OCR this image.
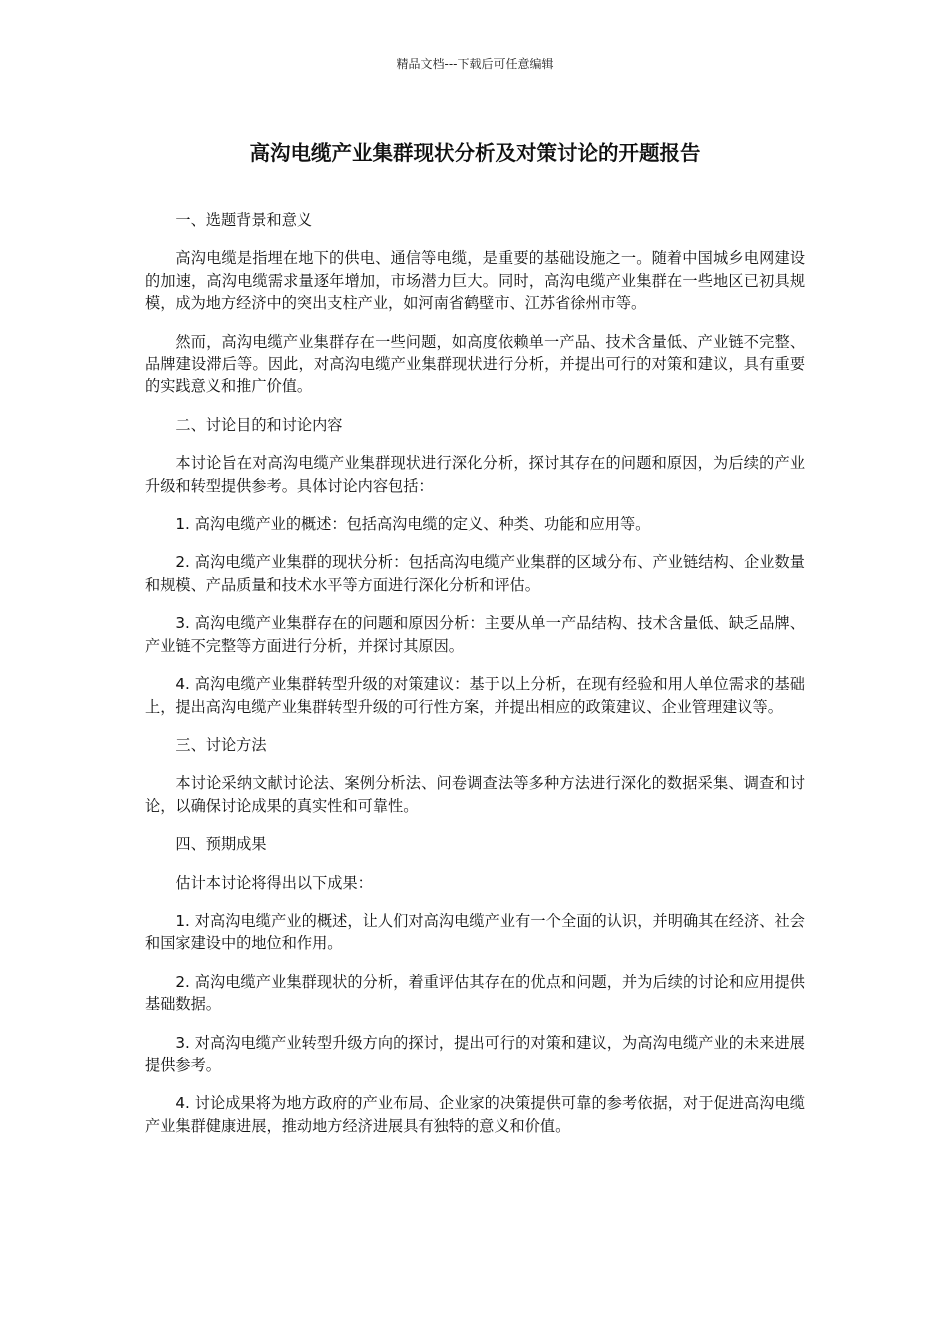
精品文档---下载后可任意编辑
高沟电缆产业集群现状分析及对策讨论的开题报告

一、选题背景和意义

高沟电缆是指埋在地下的供电、通信等电缆，是重要的基础设施之一。随着中国城乡电网建设的加速，高沟电缆需求量逐年增加，市场潜力巨大。同时，高沟电缆产业集群在一些地区已初具规模，成为地方经济中的突出支柱产业，如河南省鹤壁市、江苏省徐州市等。

然而，高沟电缆产业集群存在一些问题，如高度依赖单一产品、技术含量低、产业链不完整、品牌建设滞后等。因此，对高沟电缆产业集群现状进行分析，并提出可行的对策和建议，具有重要的实践意义和推广价值。

二、讨论目的和讨论内容

本讨论旨在对高沟电缆产业集群现状进行深化分析，探讨其存在的问题和原因，为后续的产业升级和转型提供参考。具体讨论内容包括：

1. 高沟电缆产业的概述：包括高沟电缆的定义、种类、功能和应用等。

2. 高沟电缆产业集群的现状分析：包括高沟电缆产业集群的区域分布、产业链结构、企业数量和规模、产品质量和技术水平等方面进行深化分析和评估。

3. 高沟电缆产业集群存在的问题和原因分析：主要从单一产品结构、技术含量低、缺乏品牌、产业链不完整等方面进行分析，并探讨其原因。

4. 高沟电缆产业集群转型升级的对策建议：基于以上分析，在现有经验和用人单位需求的基础上，提出高沟电缆产业集群转型升级的可行性方案，并提出相应的政策建议、企业管理建议等。

三、讨论方法

本讨论采纳文献讨论法、案例分析法、问卷调查法等多种方法进行深化的数据采集、调查和讨论，以确保讨论成果的真实性和可靠性。

四、预期成果

估计本讨论将得出以下成果：

1. 对高沟电缆产业的概述，让人们对高沟电缆产业有一个全面的认识，并明确其在经济、社会和国家建设中的地位和作用。

2. 高沟电缆产业集群现状的分析，着重评估其存在的优点和问题，并为后续的讨论和应用提供基础数据。

3. 对高沟电缆产业转型升级方向的探讨，提出可行的对策和建议，为高沟电缆产业的未来进展提供参考。

4. 讨论成果将为地方政府的产业布局、企业家的决策提供可靠的参考依据，对于促进高沟电缆产业集群健康进展，推动地方经济进展具有独特的意义和价值。
